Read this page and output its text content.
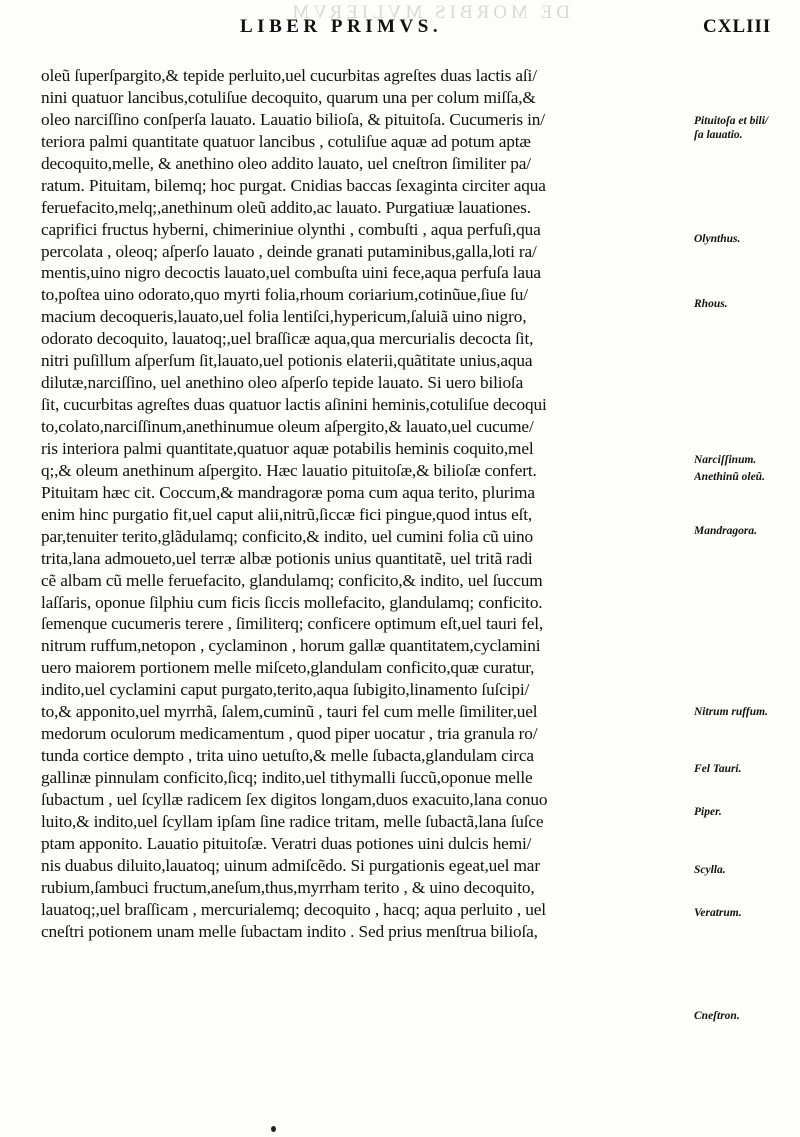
DE MORBIS MVLIERVM
LIBER PRIMVS.	CXLIII
oleũ ſuperſpargito,& tepide perluito,uel cucurbitas agreſtes duas lactis aſi/
nini quatuor lancibus,cotuliſue decoquito, quarum una per colum miſſa,&
oleo narciſſino conſperſa lauato. Lauatio bilioſa, & pituitoſa. Cucumeris in/
teriora palmi quantitate quatuor lancibus , cotuliſue aquæ ad potum aptæ
decoquito,melle, & anethino oleo addito lauato, uel cneſtron ſimiliter pa/
ratum. Pituitam, bilemq; hoc purgat. Cnidias baccas ſexaginta circiter aqua
feruefacito,melq;,anethinum oleũ addito,ac lauato. Purgatiuæ lauationes.
caprifici fructus hyberni, chimeriniue olynthi , combuſti , aqua perfuſi,qua
percolata , oleoq; aſperſo lauato , deinde granati putaminibus,galla,loti ra/
mentis,uino nigro decoctis lauato,uel combuſta uini fece,aqua perfuſa laua
to,poſtea uino odorato,quo myrti folia,rhoum coriarium,cotinũue,ſiue ſu/
macium decoqueris,lauato,uel folia lentiſci,hypericum,ſaluiã uino nigro,
odorato decoquito, lauatoq;,uel braſſicæ aqua,qua mercurialis decocta ſit,
nitri puſillum aſperſum ſit,lauato,uel potionis elaterii,quãtitate unius,aqua
dilutæ,narciſſino, uel anethino oleo aſperſo tepide lauato. Si uero bilioſa
ſit, cucurbitas agreſtes duas quatuor lactis aſinini heminis,cotuliſue decoqui
to,colato,narciſſinum,anethinumue oleum aſpergito,& lauato,uel cucume/
ris interiora palmi quantitate,quatuor aquæ potabilis heminis coquito,mel
q;,& oleum anethinum aſpergito. Hæc lauatio pituitoſæ,& bilioſæ confert.
Pituitam hæc cit. Coccum,& mandragoræ poma cum aqua terito, plurima
enim hinc purgatio fit,uel caput alii,nitrũ,ſiccæ fici pingue,quod intus eſt,
par,tenuiter terito,glãdulamq; conficito,& indito, uel cumini folia cũ uino
trita,lana admoueto,uel terræ albæ potionis unius quantitatẽ, uel tritã radi
cẽ albam cũ melle feruefacito, glandulamq; conficito,& indito, uel ſuccum
laſſaris, oponue ſilphiu cum ficis ſiccis mollefacito, glandulamq; conficito.
ſemenque cucumeris terere , ſimiliterq; conficere optimum eſt,uel tauri fel,
nitrum ruffum,netopon , cyclaminon , horum gallæ quantitatem,cyclamini
uero maiorem portionem melle miſceto,glandulam conficito,quæ curatur,
indito,uel cyclamini caput purgato,terito,aqua ſubigito,linamento ſuſcipi/
to,& apponito,uel myrrhã, ſalem,cuminũ , tauri fel cum melle ſimiliter,uel
medorum oculorum medicamentum , quod piper uocatur , tria granula ro/
tunda cortice dempto , trita uino uetuſto,& melle ſubacta,glandulam circa
gallinæ pinnulam conficito,ſicq; indito,uel tithymalli ſuccũ,oponue melle
ſubactum , uel ſcyllæ radicem ſex digitos longam,duos exacuito,lana conuo
luito,& indito,uel ſcyllam ipſam ſine radice tritam, melle ſubactã,lana ſuſce
ptam apponito. Lauatio pituitoſæ. Veratri duas potiones uini dulcis hemi/
nis duabus diluito,lauatoq; uinum admiſcẽdo. Si purgationis egeat,uel mar
rubium,ſambuci fructum,aneſum,thus,myrrham terito , & uino decoquito,
lauatoq;,uel braſſicam , mercurialemq; decoquito , hacq; aqua perluito , uel
cneſtri potionem unam melle ſubactam indito . Sed prius menſtrua bilioſa,
Pituitoſa et bili/
ſa lauatio.
Olynthus.
Rhous.
Narciſſinum.
Anethinũ oleũ.
Mandragora.
Nitrum ruffum.
Fel Tauri.
Piper.
Scylla.
Veratrum.
Cneſtron.
